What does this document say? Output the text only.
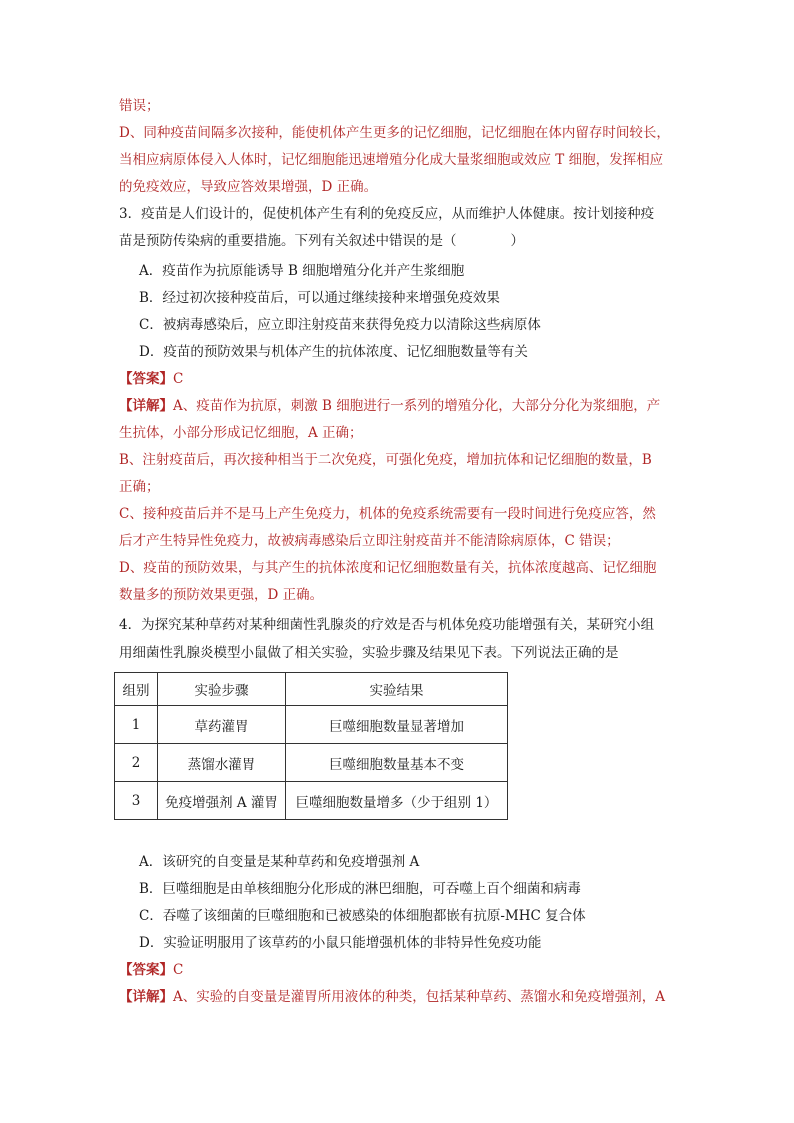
错误；
D、同种疫苗间隔多次接种，能使机体产生更多的记忆细胞，记忆细胞在体内留存时间较长，
当相应病原体侵入人体时，记忆细胞能迅速增殖分化成大量浆细胞或效应 T 细胞，发挥相应
的免疫效应，导致应答效果增强，D 正确。
3．疫苗是人们设计的，促使机体产生有利的免疫反应，从而维护人体健康。按计划接种疫
苗是预防传染病的重要措施。下列有关叙述中错误的是（　　　　）
A．疫苗作为抗原能诱导 B 细胞增殖分化并产生浆细胞
B．经过初次接种疫苗后，可以通过继续接种来增强免疫效果
C．被病毒感染后，应立即注射疫苗来获得免疫力以清除这些病原体
D．疫苗的预防效果与机体产生的抗体浓度、记忆细胞数量等有关
【答案】C
【详解】A、疫苗作为抗原，刺激 B 细胞进行一系列的增殖分化，大部分分化为浆细胞，产
生抗体，小部分形成记忆细胞，A 正确；
B、注射疫苗后，再次接种相当于二次免疫，可强化免疫，增加抗体和记忆细胞的数量，B
正确；
C、接种疫苗后并不是马上产生免疫力，机体的免疫系统需要有一段时间进行免疫应答，然
后才产生特异性免疫力，故被病毒感染后立即注射疫苗并不能清除病原体，C 错误；
D、疫苗的预防效果，与其产生的抗体浓度和记忆细胞数量有关，抗体浓度越高、记忆细胞
数量多的预防效果更强，D 正确。
4．为探究某种草药对某种细菌性乳腺炎的疗效是否与机体免疫功能增强有关，某研究小组
用细菌性乳腺炎模型小鼠做了相关实验，实验步骤及结果见下表。下列说法正确的是
组别	实验步骤	实验结果
1	草药灌胃	巨噬细胞数量显著增加
2	蒸馏水灌胃	巨噬细胞数量基本不变
3	免疫增强剂 A 灌胃	巨噬细胞数量增多（少于组别 1）
A．该研究的自变量是某种草药和免疫增强剂 A
B．巨噬细胞是由单核细胞分化形成的淋巴细胞，可吞噬上百个细菌和病毒
C．吞噬了该细菌的巨噬细胞和已被感染的体细胞都嵌有抗原-MHC 复合体
D．实验证明服用了该草药的小鼠只能增强机体的非特异性免疫功能
【答案】C
【详解】A、实验的自变量是灌胃所用液体的种类，包括某种草药、蒸馏水和免疫增强剂，A
